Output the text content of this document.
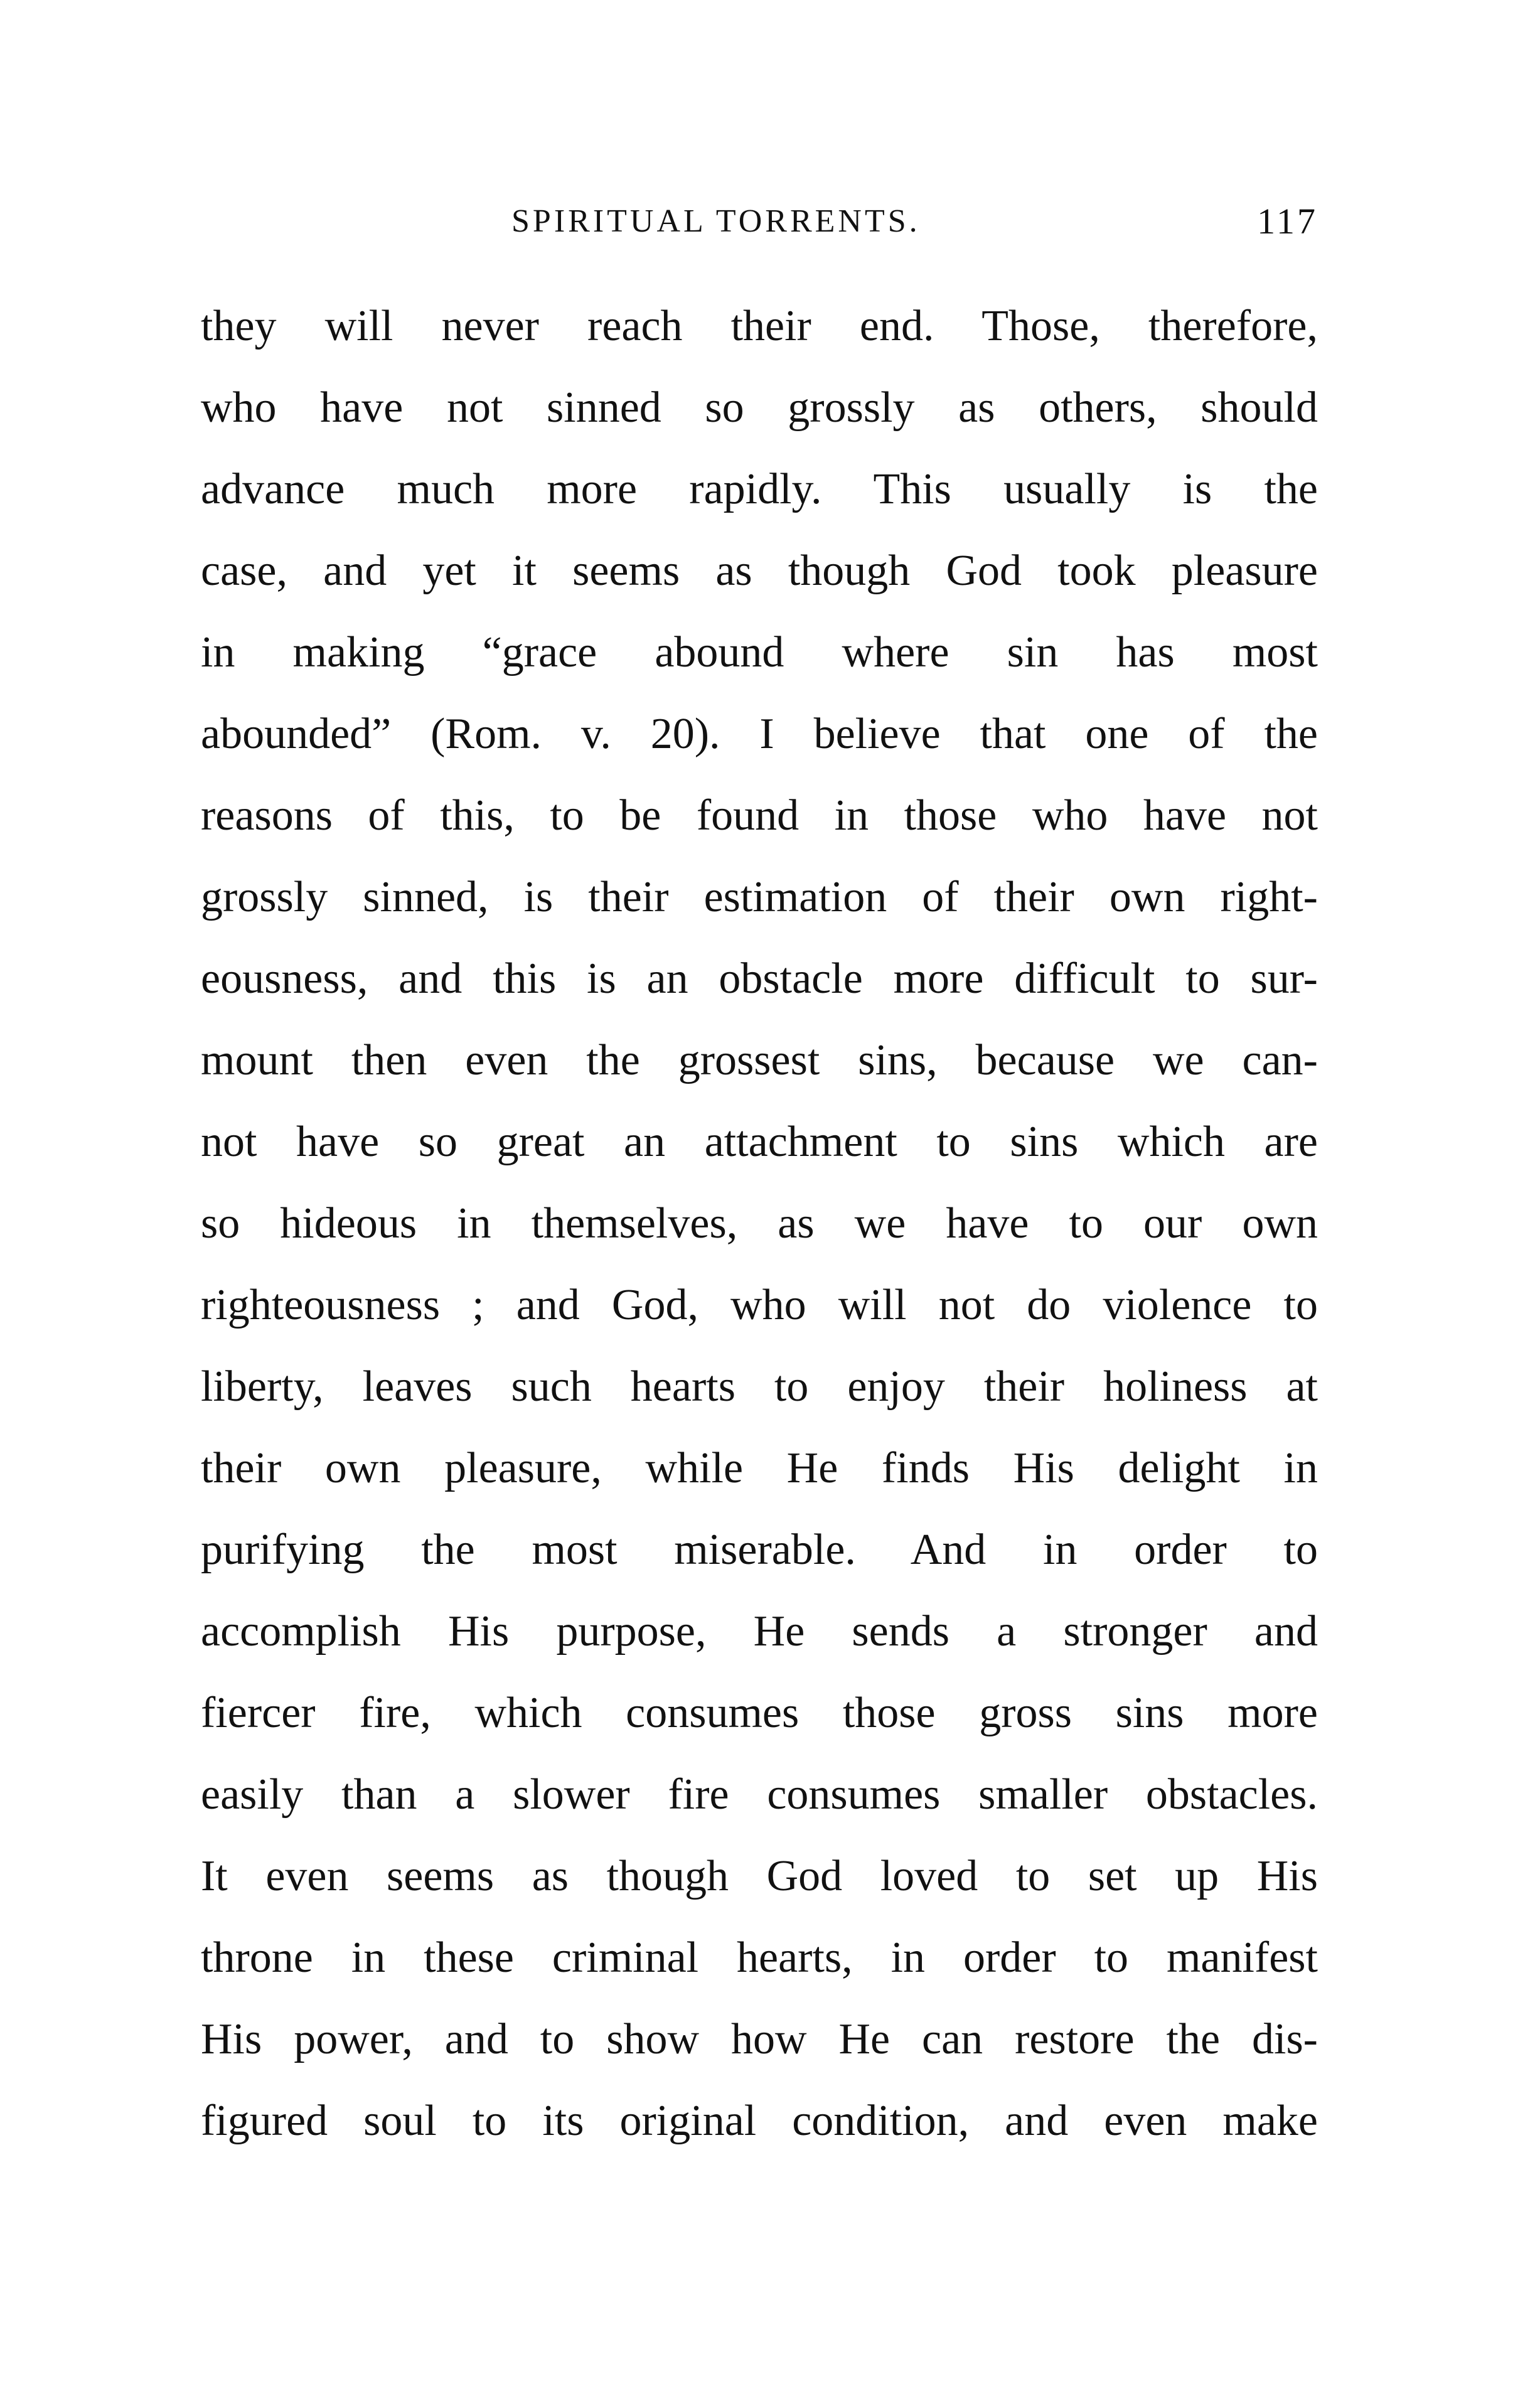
SPIRITUAL TORRENTS.	117
they will never reach their end. Those, therefore,
who have not sinned so grossly as others, should
advance much more rapidly. This usually is the
case, and yet it seems as though God took pleasure
in making “grace abound where sin has most
abounded” (Rom. v. 20). I believe that one of the
reasons of this, to be found in those who have not
grossly sinned, is their estimation of their own right-
eousness, and this is an obstacle more difficult to sur-
mount then even the grossest sins, because we can-
not have so great an attachment to sins which are
so hideous in themselves, as we have to our own
righteousness ; and God, who will not do violence to
liberty, leaves such hearts to enjoy their holiness at
their own pleasure, while He finds His delight in
purifying the most miserable. And in order to
accomplish His purpose, He sends a stronger and
fiercer fire, which consumes those gross sins more
easily than a slower fire consumes smaller obstacles.
It even seems as though God loved to set up His
throne in these criminal hearts, in order to manifest
His power, and to show how He can restore the dis-
figured soul to its original condition, and even make
